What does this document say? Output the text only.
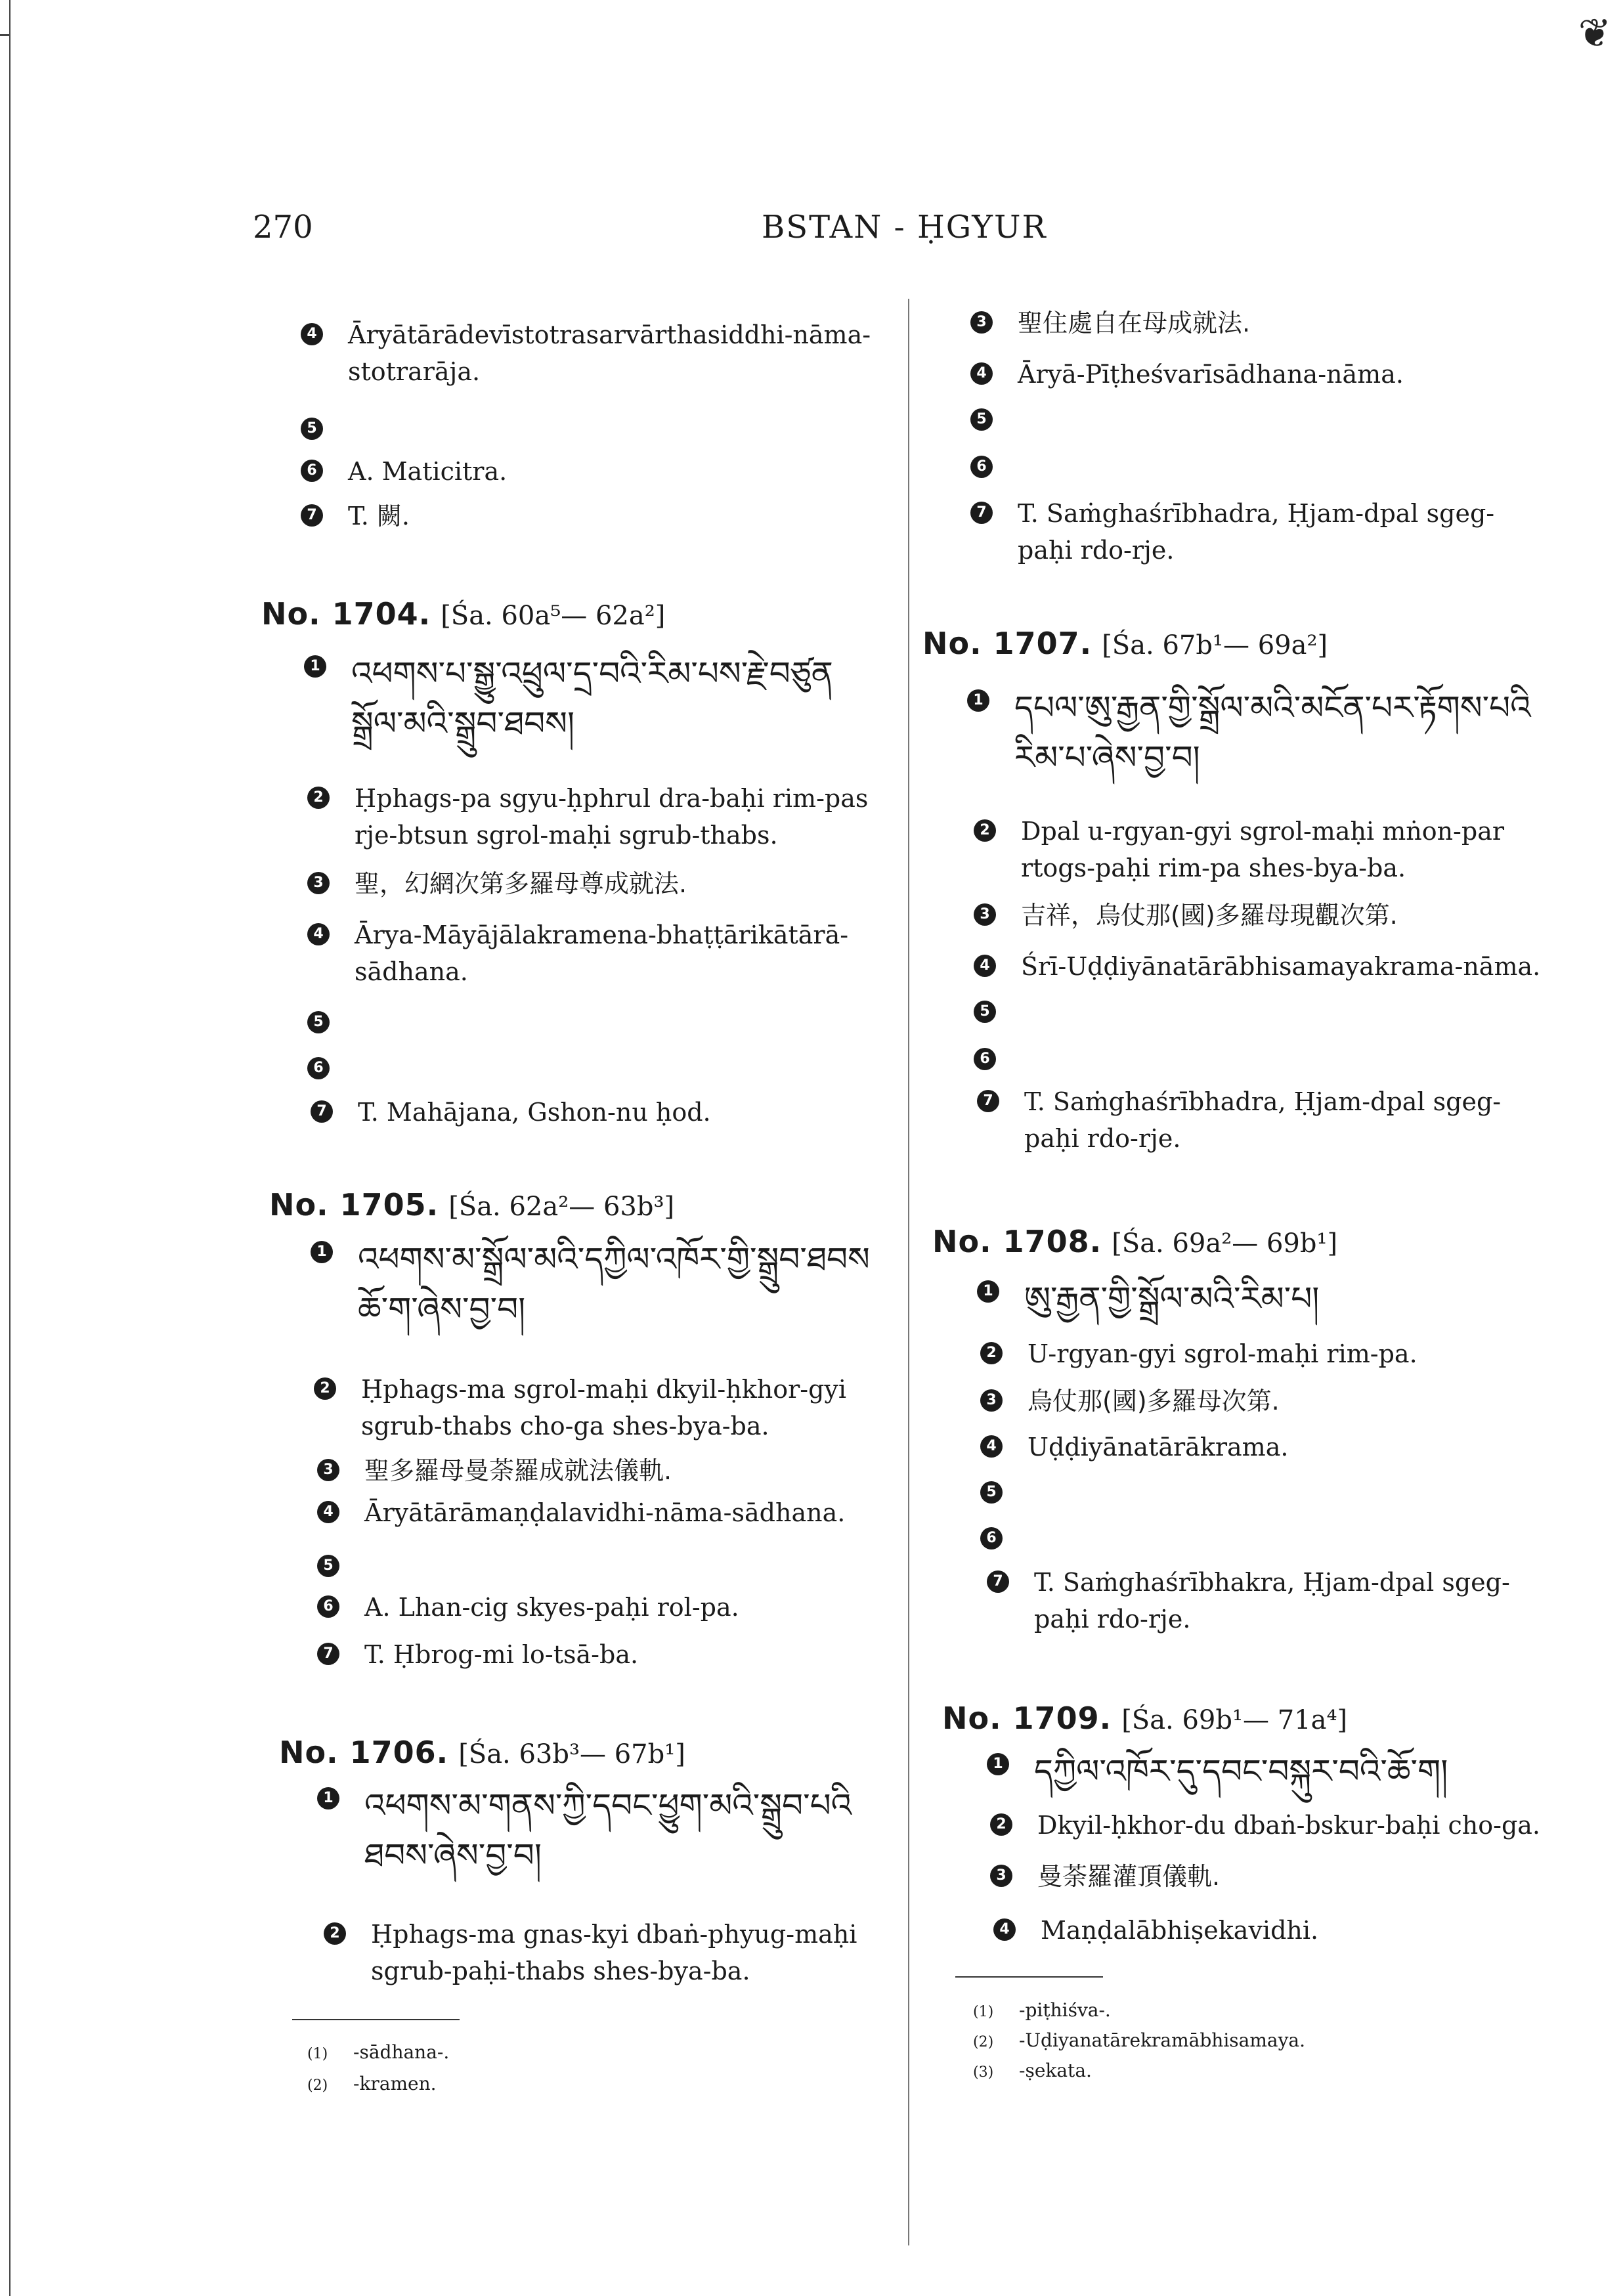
❦
270	BSTAN - ḤGYUR
4 Āryātārādevīstotrasarvārthasiddhi-nāma-
stotrarāja.
5
6 A. Maticitra.
7 T. 闕.
No. 1704. [Śa. 60a⁵— 62a²]
1 འཕགས་པ་སྒྱུ་འཕྲུལ་དྲ་བའི་རིམ་པས་རྗེ་བཙུན
སྒྲོལ་མའི་སྒྲུབ་ཐབས།
2 Ḥphags-pa sgyu-ḥphrul dra-baḥi rim-pas
rje-btsun sgrol-maḥi sgrub-thabs.
3 聖，幻網次第多羅母尊成就法.
4 Ārya-Māyājālakramena-bhaṭṭārikātārā-
sādhana.
5
6
7 T. Mahājana, Gshon-nu ḥod.
No. 1705. [Śa. 62a²— 63b³]
1 འཕགས་མ་སྒྲོལ་མའི་དཀྱིལ་འཁོར་གྱི་སྒྲུབ་ཐབས
ཆོ་ག་ཞེས་བྱ་བ།
2 Ḥphags-ma sgrol-maḥi dkyil-ḥkhor-gyi
sgrub-thabs cho-ga shes-bya-ba.
3 聖多羅母曼荼羅成就法儀軌.
4 Āryātārāmaṇḍalavidhi-nāma-sādhana.
5
6 A. Lhan-cig skyes-paḥi rol-pa.
7 T. Ḥbrog-mi lo-tsā-ba.
No. 1706. [Śa. 63b³— 67b¹]
1 འཕགས་མ་གནས་ཀྱི་དབང་ཕྱུག་མའི་སྒྲུབ་པའི
ཐབས་ཞེས་བྱ་བ།
2 Ḥphags-ma gnas-kyi dbaṅ-phyug-maḥi
sgrub-paḥi-thabs shes-bya-ba.
(1) -sādhana-.
(2) -kramen.
3 聖住處自在母成就法.
4 Āryā-Pīṭheśvarīsādhana-nāma.
5
6
7 T. Saṁghaśrībhadra, Ḥjam-dpal sgeg-
paḥi rdo-rje.
No. 1707. [Śa. 67b¹— 69a²]
1 དཔལ་ཨུ་རྒྱན་གྱི་སྒྲོལ་མའི་མངོན་པར་རྟོགས་པའི
རིམ་པ་ཞེས་བྱ་བ།
2 Dpal u-rgyan-gyi sgrol-maḥi mṅon-par
rtogs-paḥi rim-pa shes-bya-ba.
3 吉祥，烏仗那(國)多羅母現觀次第.
4 Śrī-Uḍḍiyānatārābhisamayakrama-nāma.
5
6
7 T. Saṁghaśrībhadra, Ḥjam-dpal sgeg-
paḥi rdo-rje.
No. 1708. [Śa. 69a²— 69b¹]
1 ཨུ་རྒྱན་གྱི་སྒྲོལ་མའི་རིམ་པ།
2 U-rgyan-gyi sgrol-maḥi rim-pa.
3 烏仗那(國)多羅母次第.
4 Uḍḍiyānatārākrama.
5
6
7 T. Saṁghaśrībhakra, Ḥjam-dpal sgeg-
paḥi rdo-rje.
No. 1709. [Śa. 69b¹— 71a⁴]
1 དཀྱིལ་འཁོར་དུ་དབང་བསྐུར་བའི་ཆོ་ག།
2 Dkyil-ḥkhor-du dbaṅ-bskur-baḥi cho-ga.
3 曼荼羅灌頂儀軌.
4 Maṇḍalābhiṣekavidhi.
(1) -piṭhiśva-.
(2) -Uḍiyanatārekramābhisamaya.
(3) -ṣekata.
